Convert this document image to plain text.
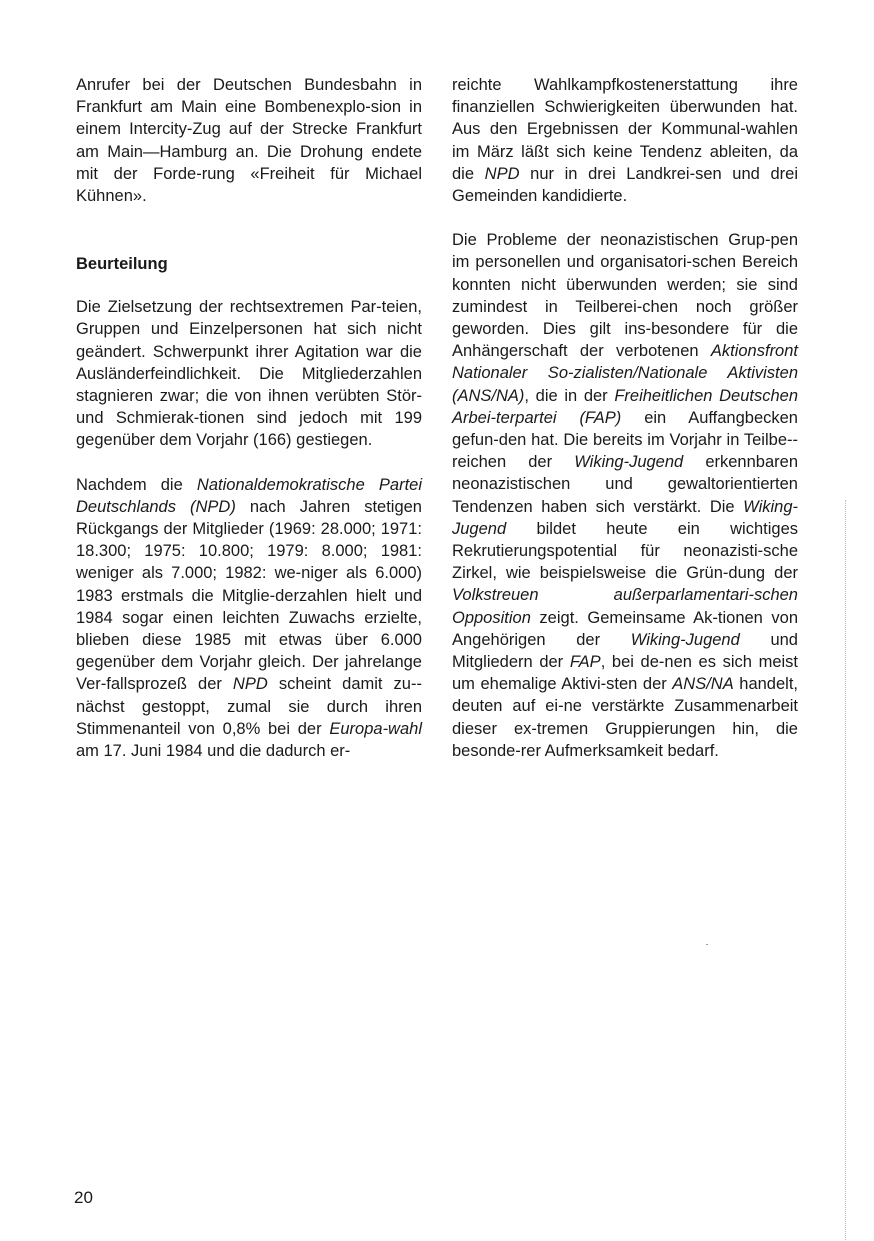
Anrufer bei der Deutschen Bundesbahn in Frankfurt am Main eine Bombenexplo-sion in einem Intercity-Zug auf der Strecke Frankfurt am Main—Hamburg an. Die Drohung endete mit der Forde-rung «Freiheit für Michael Kühnen».

Beurteilung

Die Zielsetzung der rechtsextremen Par-teien, Gruppen und Einzelpersonen hat sich nicht geändert. Schwerpunkt ihrer Agitation war die Ausländerfeindlichkeit. Die Mitgliederzahlen stagnieren zwar; die von ihnen verübten Stör- und Schmierak-tionen sind jedoch mit 199 gegenüber dem Vorjahr (166) gestiegen.

Nachdem die Nationaldemokratische Partei Deutschlands (NPD) nach Jahren stetigen Rückgangs der Mitglieder (1969: 28.000; 1971: 18.300; 1975: 10.800; 1979: 8.000; 1981: weniger als 7.000; 1982: we-niger als 6.000) 1983 erstmals die Mitglie-derzahlen hielt und 1984 sogar einen leichten Zuwachs erzielte, blieben diese 1985 mit etwas über 6.000 gegenüber dem Vorjahr gleich. Der jahrelange Ver-fallsprozeß der NPD scheint damit zu-nächst gestoppt, zumal sie durch ihren Stimmenanteil von 0,8% bei der Europa-wahl am 17. Juni 1984 und die dadurch er-

reichte Wahlkampfkostenerstattung ihre finanziellen Schwierigkeiten überwunden hat. Aus den Ergebnissen der Kommunal-wahlen im März läßt sich keine Tendenz ableiten, da die NPD nur in drei Landkrei-sen und drei Gemeinden kandidierte.

Die Probleme der neonazistischen Grup-pen im personellen und organisatori-schen Bereich konnten nicht überwunden werden; sie sind zumindest in Teilberei-chen noch größer geworden. Dies gilt ins-besondere für die Anhängerschaft der verbotenen Aktionsfront Nationaler So-zialisten/Nationale Aktivisten (ANS/NA), die in der Freiheitlichen Deutschen Arbei-terpartei (FAP) ein Auffangbecken gefun-den hat. Die bereits im Vorjahr in Teilbe-reichen der Wiking-Jugend erkennbaren neonazistischen und gewaltorientierten Tendenzen haben sich verstärkt. Die Wiking-Jugend bildet heute ein wichtiges Rekrutierungspotential für neonazisti-sche Zirkel, wie beispielsweise die Grün-dung der Volkstreuen außerparlamentari-schen Opposition zeigt. Gemeinsame Ak-tionen von Angehörigen der Wiking-Jugend und Mitgliedern der FAP, bei de-nen es sich meist um ehemalige Aktivi-sten der ANS/NA handelt, deuten auf ei-ne verstärkte Zusammenarbeit dieser ex-tremen Gruppierungen hin, die besonde-rer Aufmerksamkeit bedarf.

20
